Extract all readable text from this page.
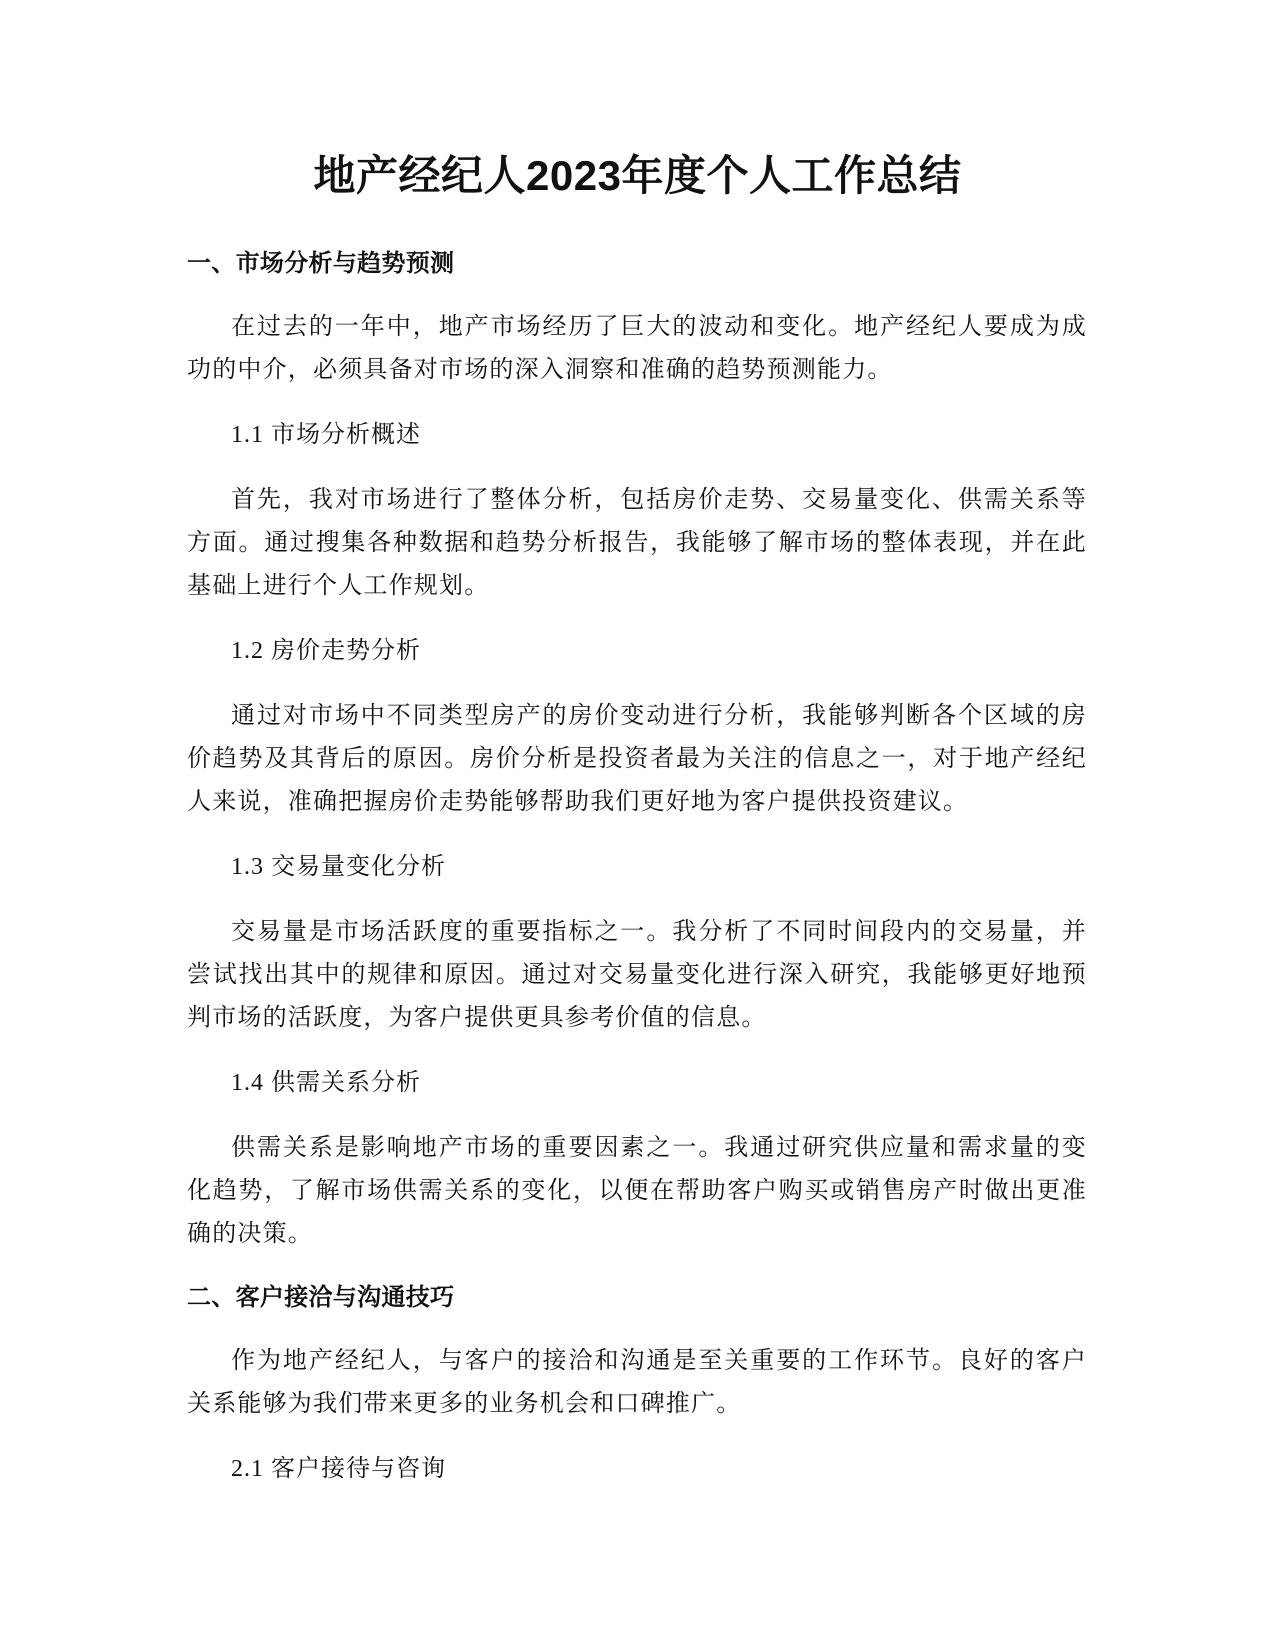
地产经纪人2023年度个人工作总结
一、市场分析与趋势预测

在过去的一年中，地产市场经历了巨大的波动和变化。地产经纪人要成为成功的中介，必须具备对市场的深入洞察和准确的趋势预测能力。

1.1 市场分析概述

首先，我对市场进行了整体分析，包括房价走势、交易量变化、供需关系等方面。通过搜集各种数据和趋势分析报告，我能够了解市场的整体表现，并在此基础上进行个人工作规划。

1.2 房价走势分析

通过对市场中不同类型房产的房价变动进行分析，我能够判断各个区域的房价趋势及其背后的原因。房价分析是投资者最为关注的信息之一，对于地产经纪人来说，准确把握房价走势能够帮助我们更好地为客户提供投资建议。

1.3 交易量变化分析

交易量是市场活跃度的重要指标之一。我分析了不同时间段内的交易量，并尝试找出其中的规律和原因。通过对交易量变化进行深入研究，我能够更好地预判市场的活跃度，为客户提供更具参考价值的信息。

1.4 供需关系分析

供需关系是影响地产市场的重要因素之一。我通过研究供应量和需求量的变化趋势，了解市场供需关系的变化，以便在帮助客户购买或销售房产时做出更准确的决策。

二、客户接洽与沟通技巧

作为地产经纪人，与客户的接洽和沟通是至关重要的工作环节。良好的客户关系能够为我们带来更多的业务机会和口碑推广。

2.1 客户接待与咨询
